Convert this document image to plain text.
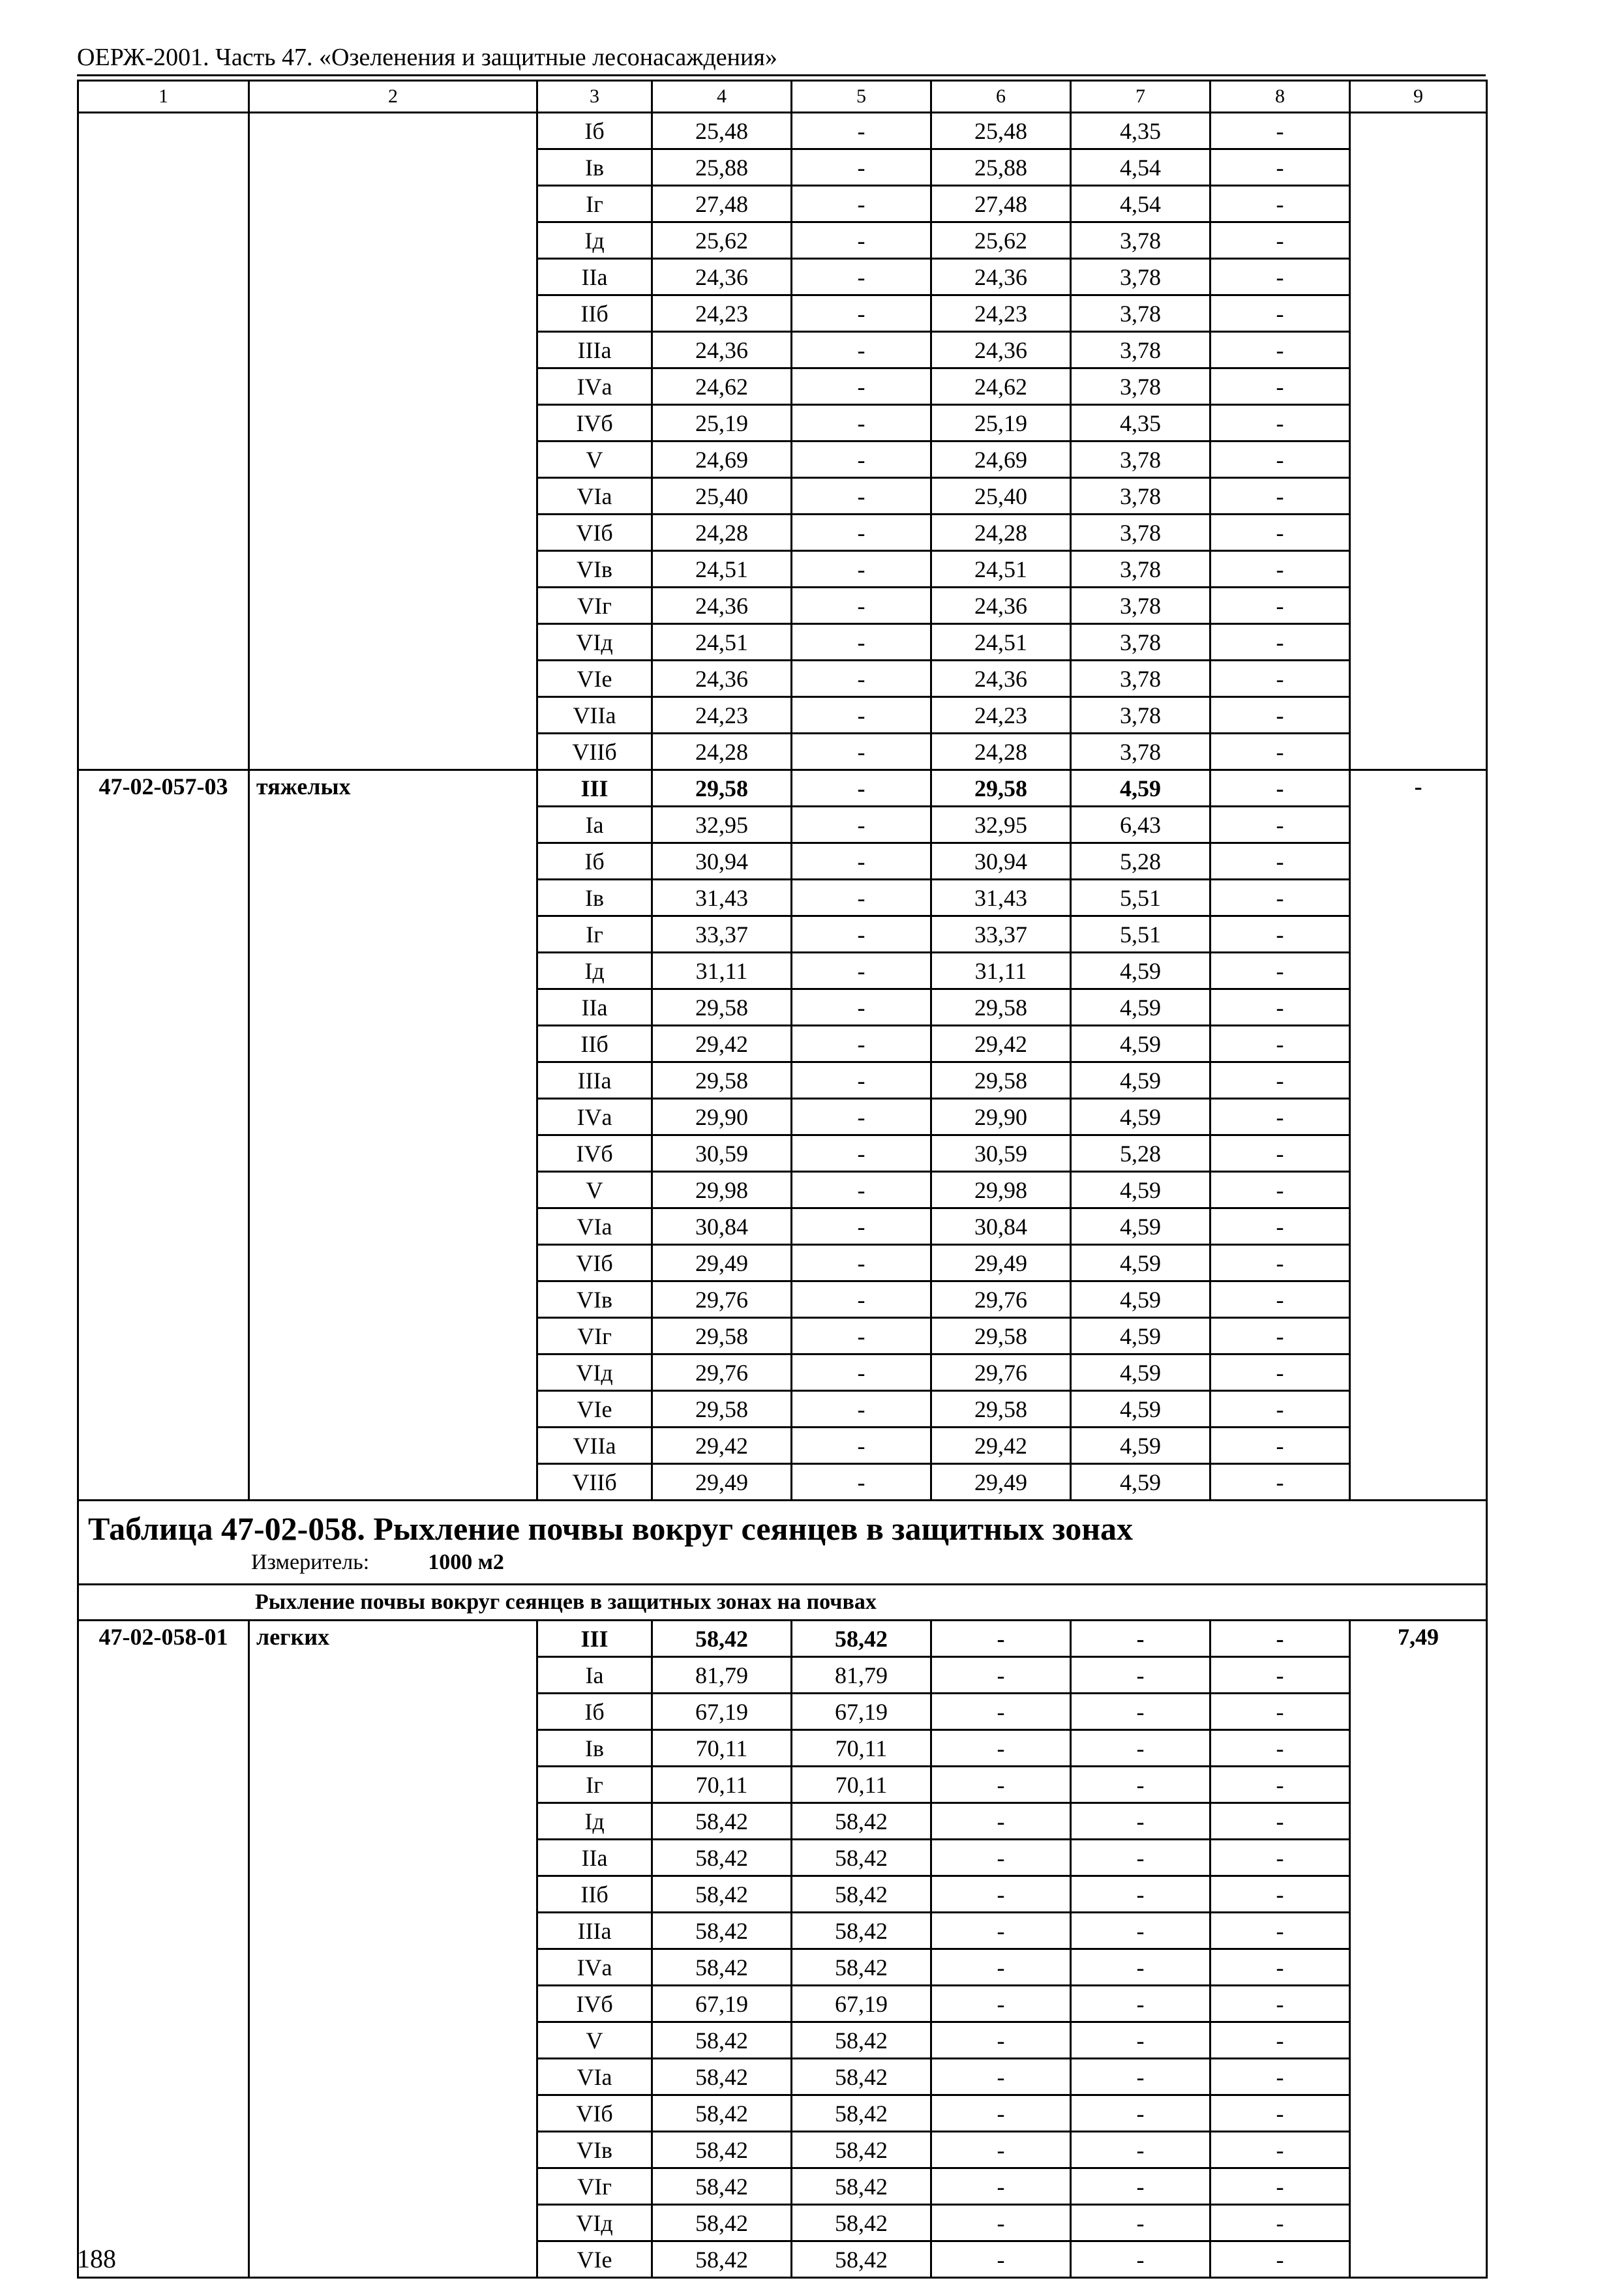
ОЕРЖ-2001. Часть 47. «Озеленения и защитные лесонасаждения»
1	2	3	4	5	6	7	8	9
		Iб	25,48	-	25,48	4,35	-	
		Iв	25,88	-	25,88	4,54	-	
		Iг	27,48	-	27,48	4,54	-	
		Iд	25,62	-	25,62	3,78	-	
		IIа	24,36	-	24,36	3,78	-	
		IIб	24,23	-	24,23	3,78	-	
		IIIа	24,36	-	24,36	3,78	-	
		IVа	24,62	-	24,62	3,78	-	
		IVб	25,19	-	25,19	4,35	-	
		V	24,69	-	24,69	3,78	-	
		VIа	25,40	-	25,40	3,78	-	
		VIб	24,28	-	24,28	3,78	-	
		VIв	24,51	-	24,51	3,78	-	
		VIг	24,36	-	24,36	3,78	-	
		VIд	24,51	-	24,51	3,78	-	
		VIе	24,36	-	24,36	3,78	-	
		VIIа	24,23	-	24,23	3,78	-	
		VIIб	24,28	-	24,28	3,78	-	
47-02-057-03	тяжелых	III	29,58	-	29,58	4,59	-	-
		Iа	32,95	-	32,95	6,43	-	
		Iб	30,94	-	30,94	5,28	-	
		Iв	31,43	-	31,43	5,51	-	
		Iг	33,37	-	33,37	5,51	-	
		Iд	31,11	-	31,11	4,59	-	
		IIа	29,58	-	29,58	4,59	-	
		IIб	29,42	-	29,42	4,59	-	
		IIIа	29,58	-	29,58	4,59	-	
		IVа	29,90	-	29,90	4,59	-	
		IVб	30,59	-	30,59	5,28	-	
		V	29,98	-	29,98	4,59	-	
		VIа	30,84	-	30,84	4,59	-	
		VIб	29,49	-	29,49	4,59	-	
		VIв	29,76	-	29,76	4,59	-	
		VIг	29,58	-	29,58	4,59	-	
		VIд	29,76	-	29,76	4,59	-	
		VIе	29,58	-	29,58	4,59	-	
		VIIа	29,42	-	29,42	4,59	-	
		VIIб	29,49	-	29,49	4,59	-	

Таблица 47-02-058. Рыхление почвы вокруг сеянцев в защитных зонах
Измеритель: 1000 м2								

Рыхление почвы вокруг сеянцев в защитных зонах на почвах								
47-02-058-01	легких	III	58,42	58,42	-	-	-	7,49
		Iа	81,79	81,79	-	-	-	
		Iб	67,19	67,19	-	-	-	
		Iв	70,11	70,11	-	-	-	
		Iг	70,11	70,11	-	-	-	
		Iд	58,42	58,42	-	-	-	
		IIа	58,42	58,42	-	-	-	
		IIб	58,42	58,42	-	-	-	
		IIIа	58,42	58,42	-	-	-	
		IVа	58,42	58,42	-	-	-	
		IVб	67,19	67,19	-	-	-	
		V	58,42	58,42	-	-	-	
		VIа	58,42	58,42	-	-	-	
		VIб	58,42	58,42	-	-	-	
		VIв	58,42	58,42	-	-	-	
		VIг	58,42	58,42	-	-	-	
		VIд	58,42	58,42	-	-	-	
		VIе	58,42	58,42	-	-	-	
188
